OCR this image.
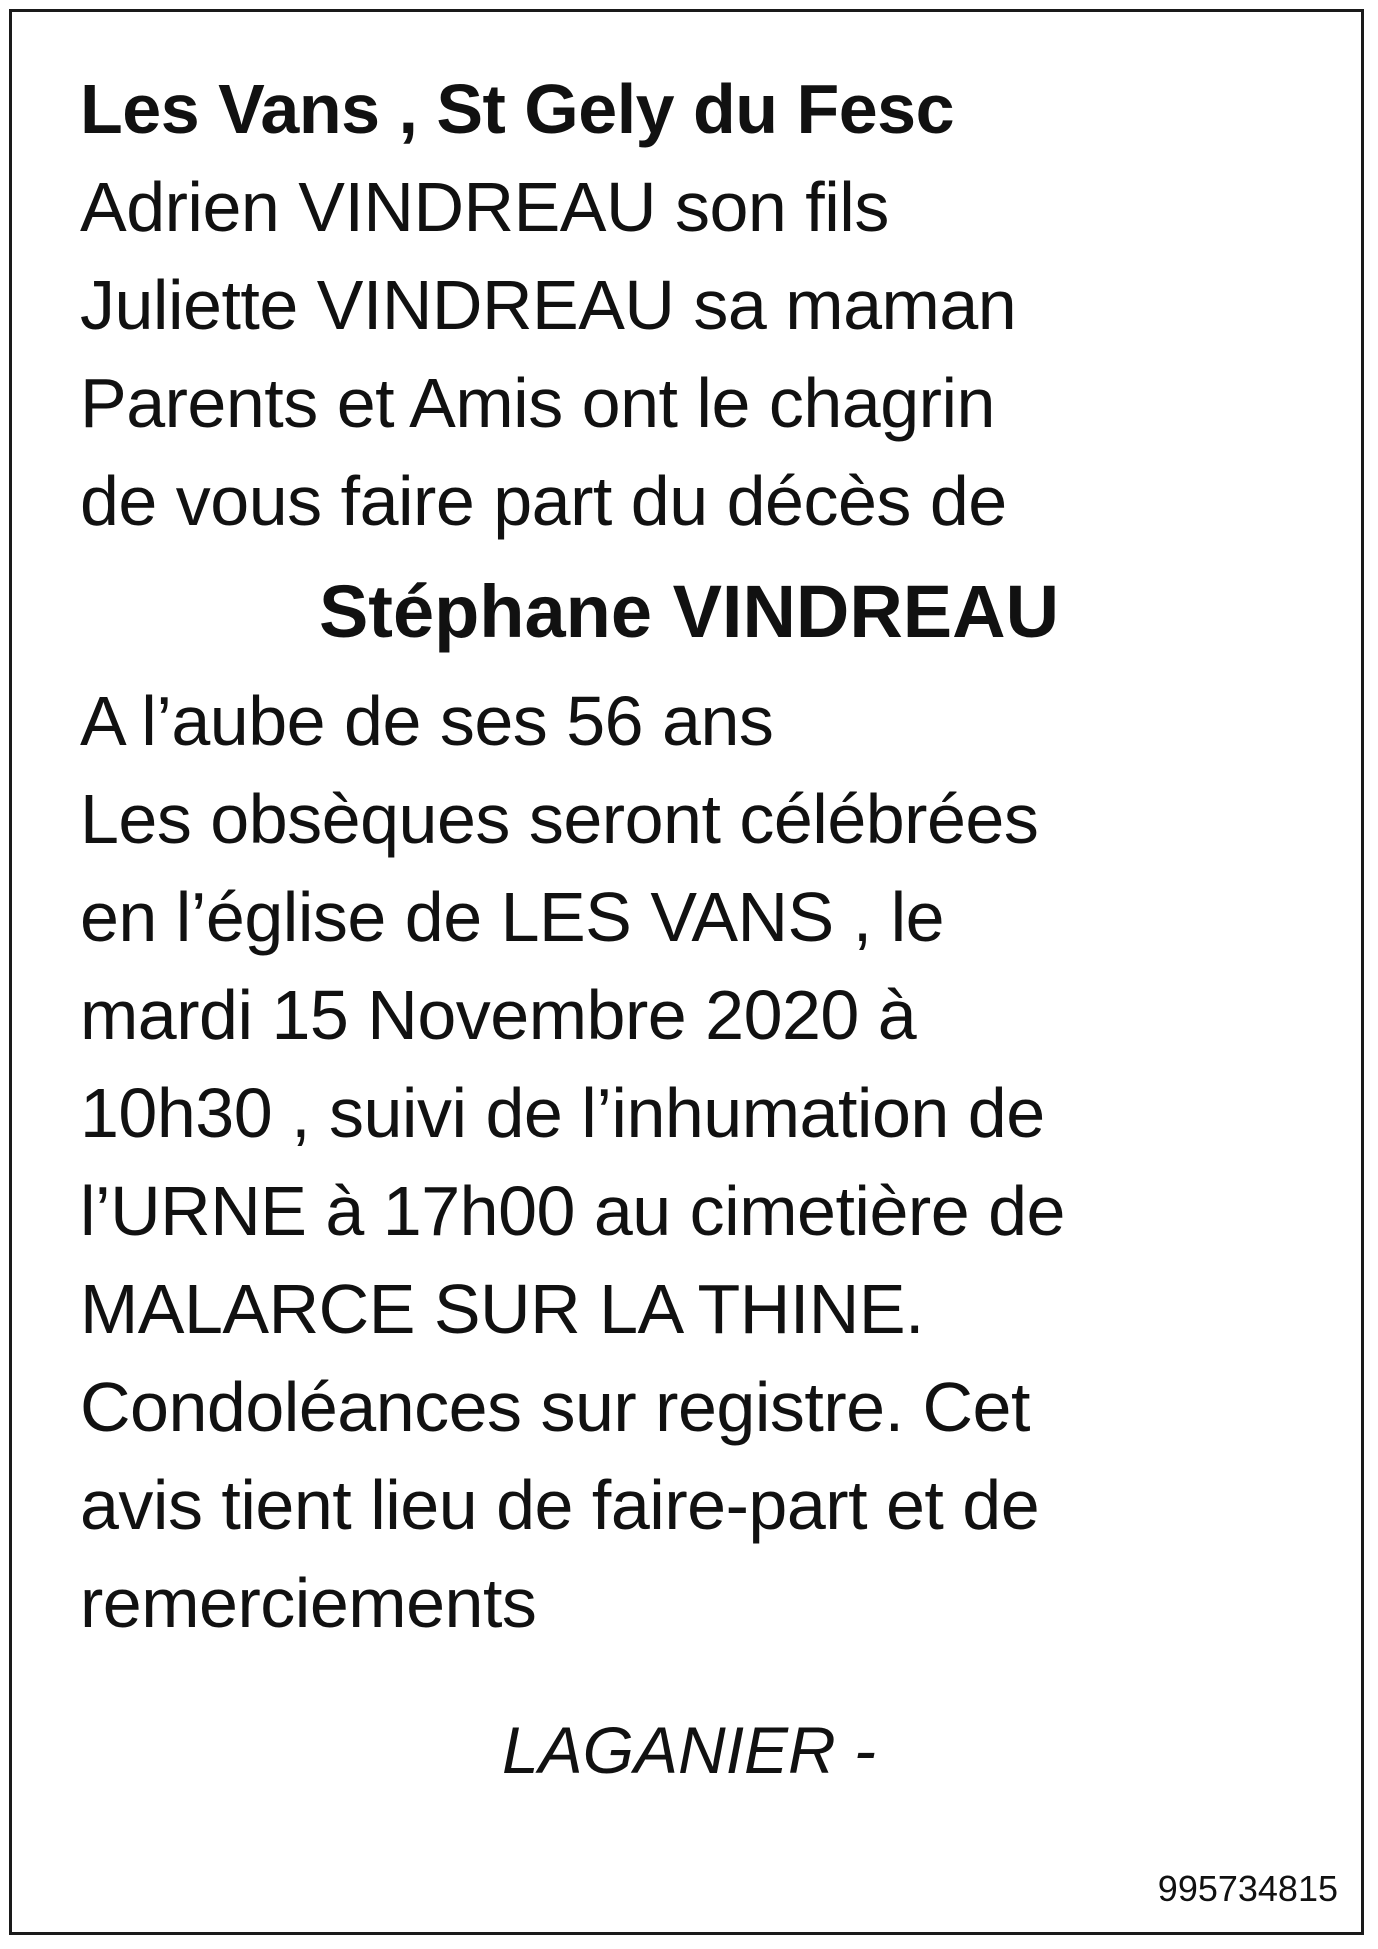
Les Vans , St Gely du Fesc
Adrien VINDREAU son fils
Juliette VINDREAU sa maman
Parents et Amis ont le chagrin
de vous faire part du décès de
Stéphane VINDREAU
A l’aube de ses 56 ans
Les obsèques seront célébrées
en l’église de LES VANS , le
mardi 15 Novembre 2020 à
10h30 , suivi de l’inhumation de
l’URNE à 17h00 au cimetière de
MALARCE SUR LA THINE.
Condoléances sur registre. Cet
avis tient lieu de faire-part et de
remerciements
LAGANIER -
995734815
